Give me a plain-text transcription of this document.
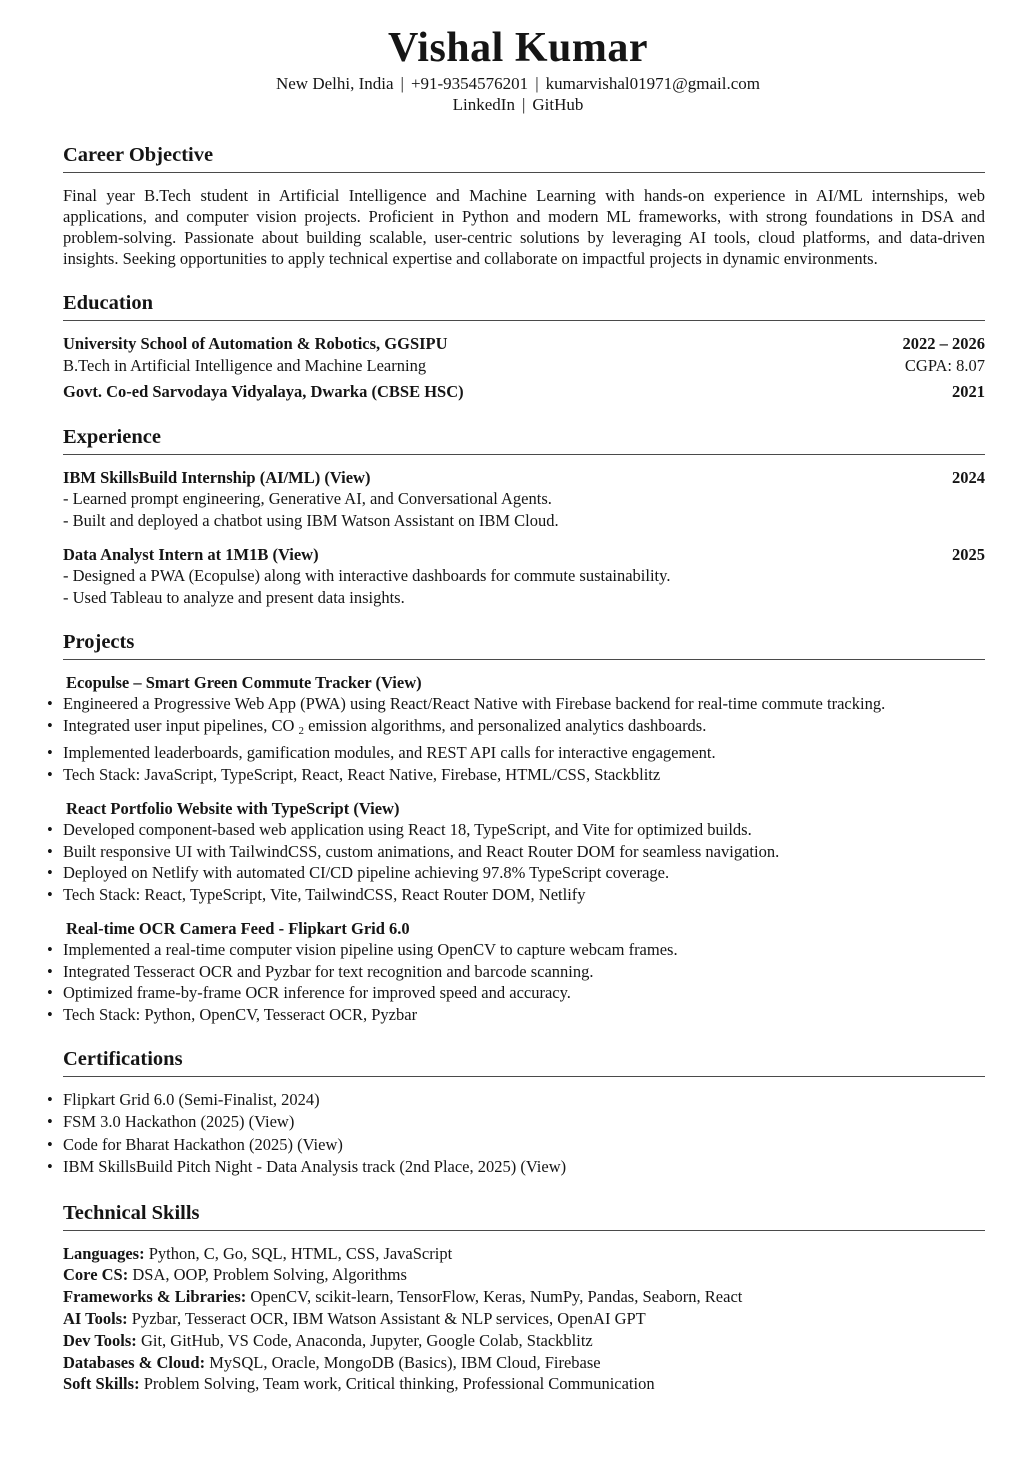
Vishal Kumar
New Delhi, India | +91-9354576201 | kumarvishal01971@gmail.com
LinkedIn | GitHub
Career Objective

Final year B.Tech student in Artificial Intelligence and Machine Learning with hands-on experience in AI/ML internships, web applications, and computer vision projects. Proficient in Python and modern ML frameworks, with strong foundations in DSA and problem-solving. Passionate about building scalable, user-centric solutions by leveraging AI tools, cloud platforms, and data-driven insights. Seeking opportunities to apply technical expertise and collaborate on impactful projects in dynamic environments.

Education
University School of Automation & Robotics, GGSIPU	2022 – 2026
B.Tech in Artificial Intelligence and Machine Learning	CGPA: 8.07
Govt. Co-ed Sarvodaya Vidyalaya, Dwarka (CBSE HSC)	2021
Experience
IBM SkillsBuild Internship (AI/ML) (View)	2024
- Learned prompt engineering, Generative AI, and Conversational Agents.
- Built and deployed a chatbot using IBM Watson Assistant on IBM Cloud.
Data Analyst Intern at 1M1B (View)	2025
- Designed a PWA (Ecopulse) along with interactive dashboards for commute sustainability.
- Used Tableau to analyze and present data insights.
Projects
Ecopulse – Smart Green Commute Tracker (View)
• Engineered a Progressive Web App (PWA) using React/React Native with Firebase backend for real-time commute tracking.
• Integrated user input pipelines, CO $_2$ emission algorithms, and personalized analytics dashboards.
• Implemented leaderboards, gamification modules, and REST API calls for interactive engagement.
• Tech Stack: JavaScript, TypeScript, React, React Native, Firebase, HTML/CSS, Stackblitz
React Portfolio Website with TypeScript (View)
• Developed component-based web application using React 18, TypeScript, and Vite for optimized builds.
• Built responsive UI with TailwindCSS, custom animations, and React Router DOM for seamless navigation.
• Deployed on Netlify with automated CI/CD pipeline achieving 97.8% TypeScript coverage.
• Tech Stack: React, TypeScript, Vite, TailwindCSS, React Router DOM, Netlify
Real-time OCR Camera Feed - Flipkart Grid 6.0
• Implemented a real-time computer vision pipeline using OpenCV to capture webcam frames.
• Integrated Tesseract OCR and Pyzbar for text recognition and barcode scanning.
• Optimized frame-by-frame OCR inference for improved speed and accuracy.
• Tech Stack: Python, OpenCV, Tesseract OCR, Pyzbar
Certifications
• Flipkart Grid 6.0 (Semi-Finalist, 2024)
• FSM 3.0 Hackathon (2025) (View)
• Code for Bharat Hackathon (2025) (View)
• IBM SkillsBuild Pitch Night - Data Analysis track (2nd Place, 2025) (View)
Technical Skills
Languages: Python, C, Go, SQL, HTML, CSS, JavaScript
Core CS: DSA, OOP, Problem Solving, Algorithms
Frameworks & Libraries: OpenCV, scikit-learn, TensorFlow, Keras, NumPy, Pandas, Seaborn, React
AI Tools: Pyzbar, Tesseract OCR, IBM Watson Assistant & NLP services, OpenAI GPT
Dev Tools: Git, GitHub, VS Code, Anaconda, Jupyter, Google Colab, Stackblitz
Databases & Cloud: MySQL, Oracle, MongoDB (Basics), IBM Cloud, Firebase
Soft Skills: Problem Solving, Team work, Critical thinking, Professional Communication
